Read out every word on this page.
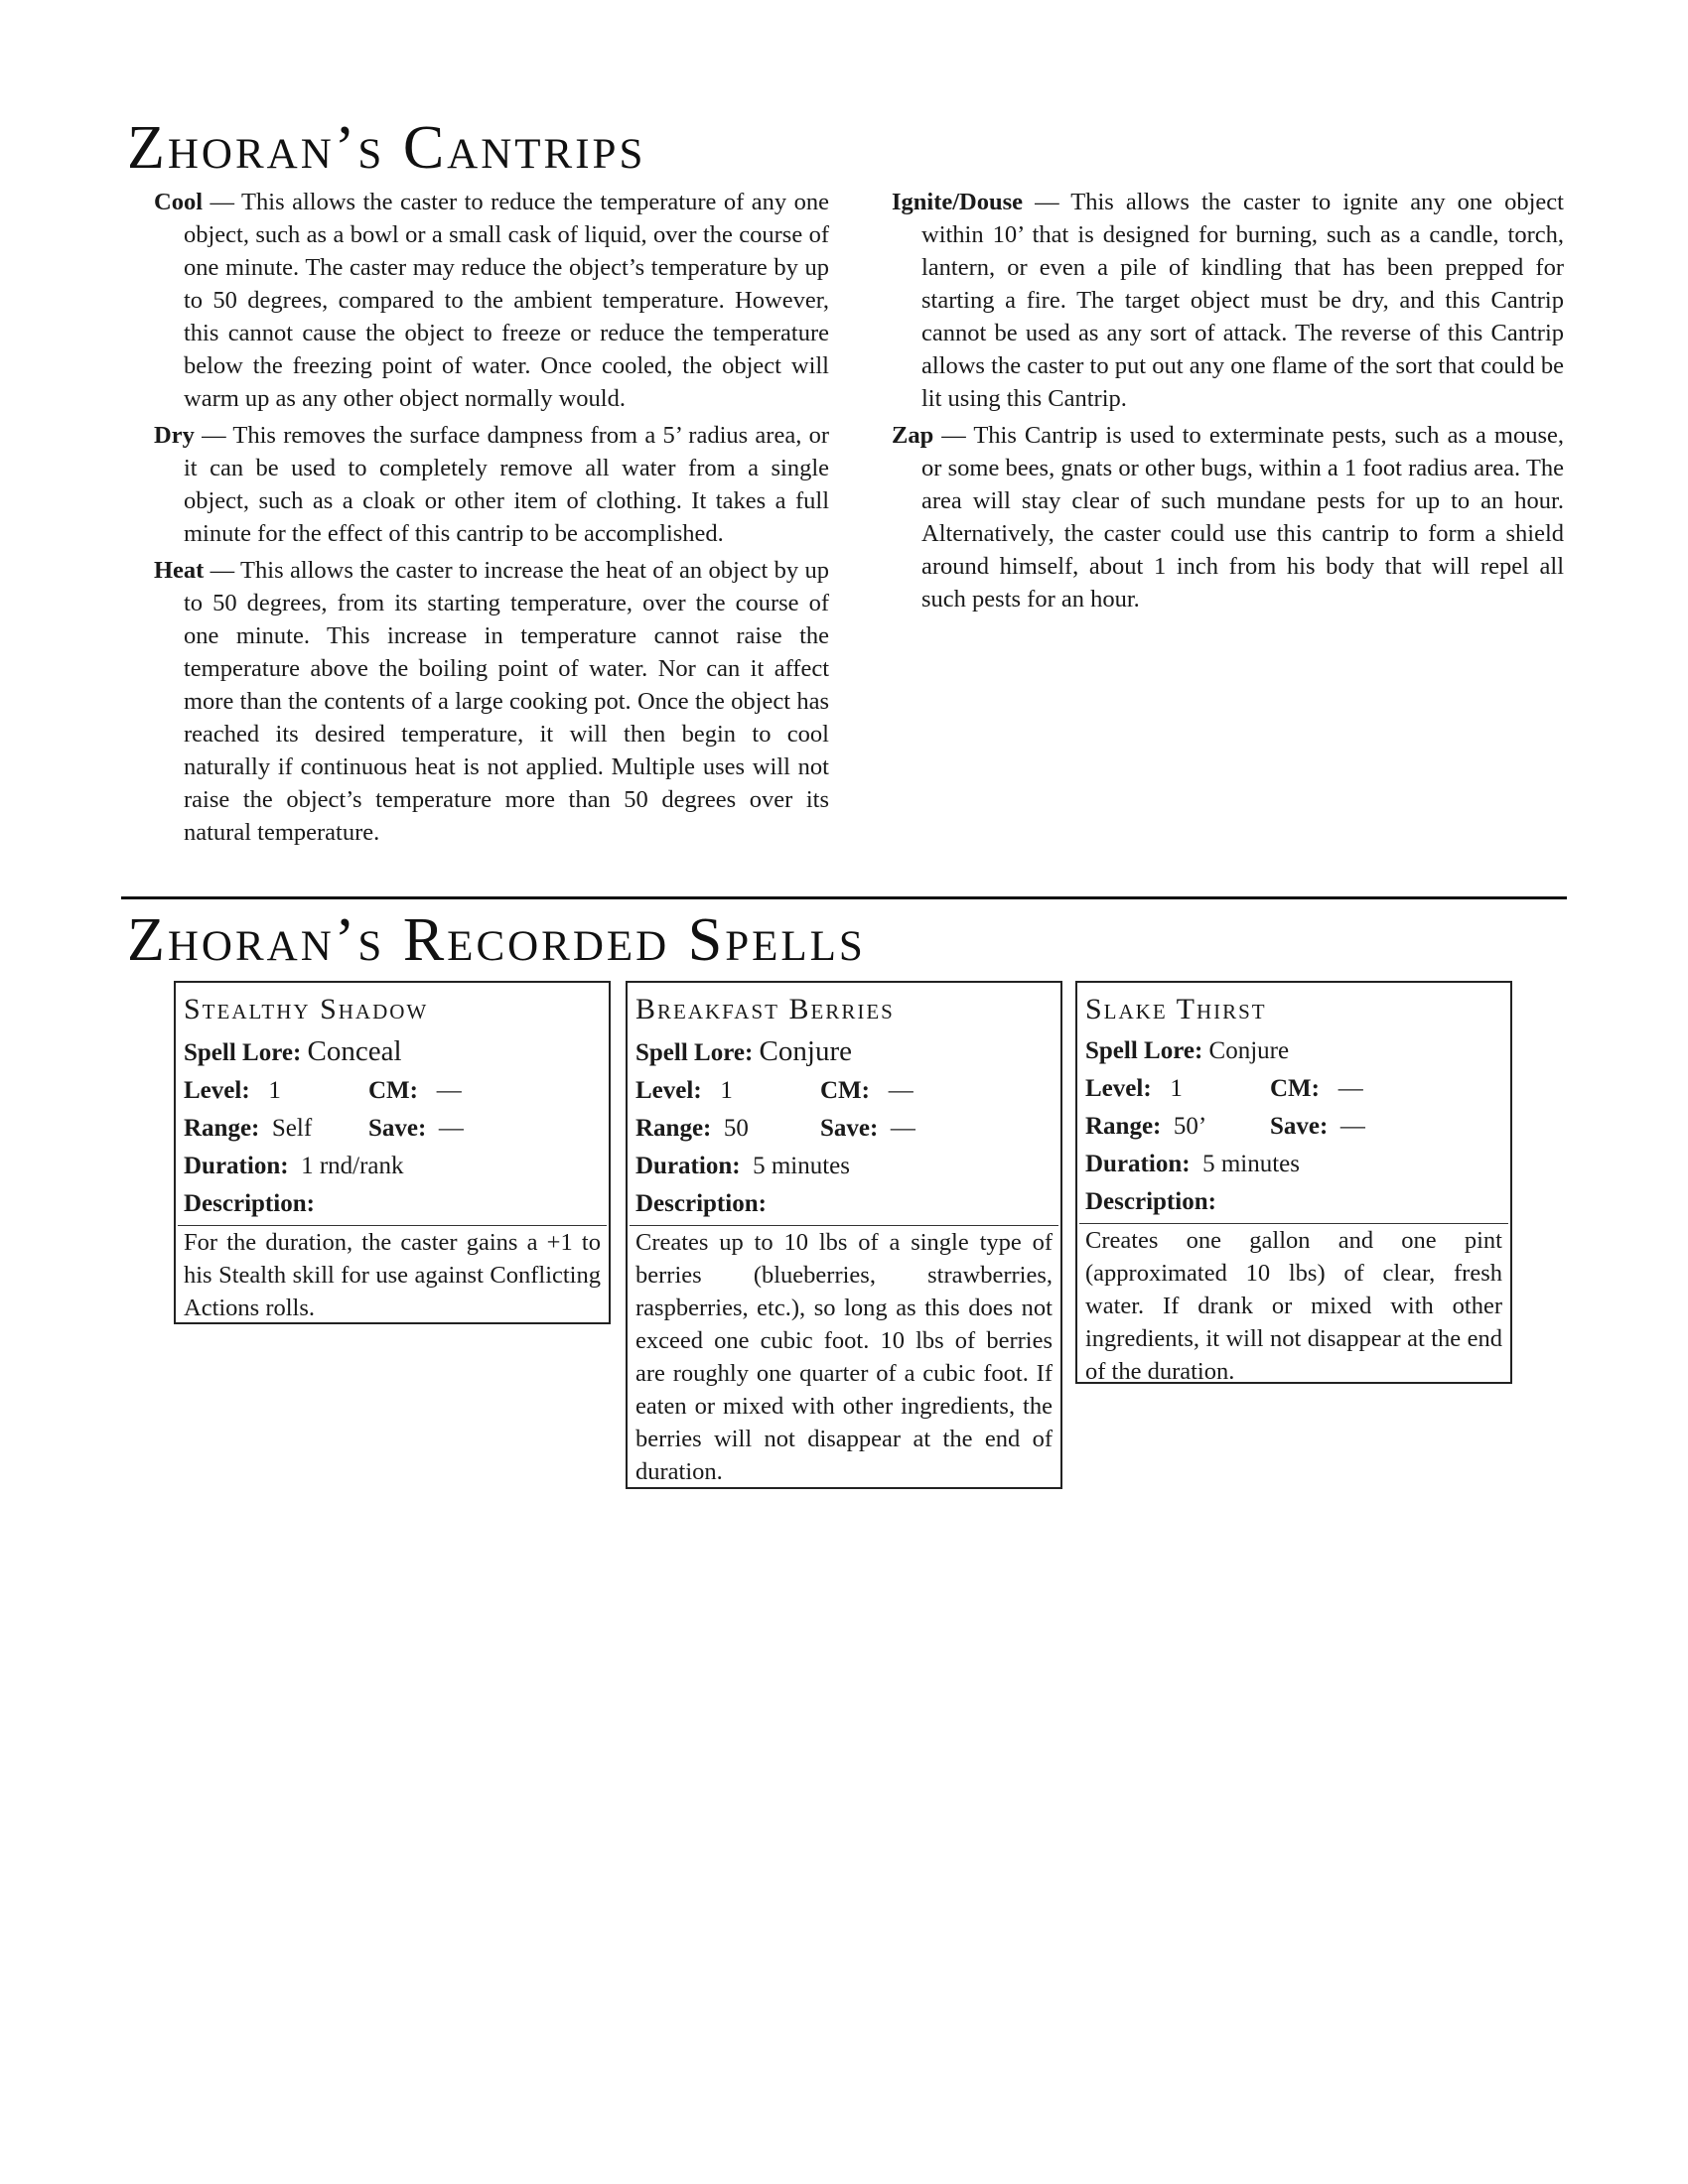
Zhoran’s Cantrips

Cool — This allows the caster to reduce the temperature of any one object, such as a bowl or a small cask of liquid, over the course of one minute. The caster may reduce the object’s temperature by up to 50 degrees, compared to the ambient temperature. However, this cannot cause the object to freeze or reduce the temperature below the freezing point of water. Once cooled, the object will warm up as any other object normally would.

Dry — This removes the surface dampness from a 5’ radius area, or it can be used to completely remove all water from a single object, such as a cloak or other item of clothing. It takes a full minute for the effect of this cantrip to be accomplished.

Heat — This allows the caster to increase the heat of an object by up to 50 degrees, from its starting temperature, over the course of one minute. This increase in temperature cannot raise the temperature above the boiling point of water. Nor can it affect more than the contents of a large cooking pot. Once the object has reached its desired temperature, it will then begin to cool naturally if continuous heat is not applied. Multiple uses will not raise the object’s temperature more than 50 degrees over its natural temperature.

Ignite/Douse — This allows the caster to ignite any one object within 10’ that is designed for burning, such as a candle, torch, lantern, or even a pile of kindling that has been prepped for starting a fire. The target object must be dry, and this Cantrip cannot be used as any sort of attack. The reverse of this Cantrip allows the caster to put out any one flame of the sort that could be lit using this Cantrip.

Zap — This Cantrip is used to exterminate pests, such as a mouse, or some bees, gnats or other bugs, within a 1 foot radius area. The area will stay clear of such mundane pests for up to an hour. Alternatively, the caster could use this cantrip to form a shield around himself, about 1 inch from his body that will repel all such pests for an hour.

Zhoran’s Recorded Spells
Stealthy Shadow
Spell Lore: Conceal
Level: 1	CM: —
Range: Self Save: —
Duration: 1 rnd/rank
Description:
For the duration, the caster gains a +1 to his Stealth skill for use against Conflicting Actions rolls.
Breakfast Berries
Spell Lore: Conjure
Level: 1	CM: —
Range: 50	Save: —
Duration: 5 minutes
Description:
Creates up to 10 lbs of a single type of berries (blueberries, strawberries, raspberries, etc.), so long as this does not exceed one cubic foot. 10 lbs of berries are roughly one quarter of a cubic foot. If eaten or mixed with other ingredients, the berries will not disappear at the end of duration.
Slake Thirst
Spell Lore: Conjure
Level: 1	CM: —
Range: 50’	Save: —
Duration: 5 minutes
Description:
Creates one gallon and one pint (approximated 10 lbs) of clear, fresh water. If drank or mixed with other ingredients, it will not disappear at the end of the duration.
